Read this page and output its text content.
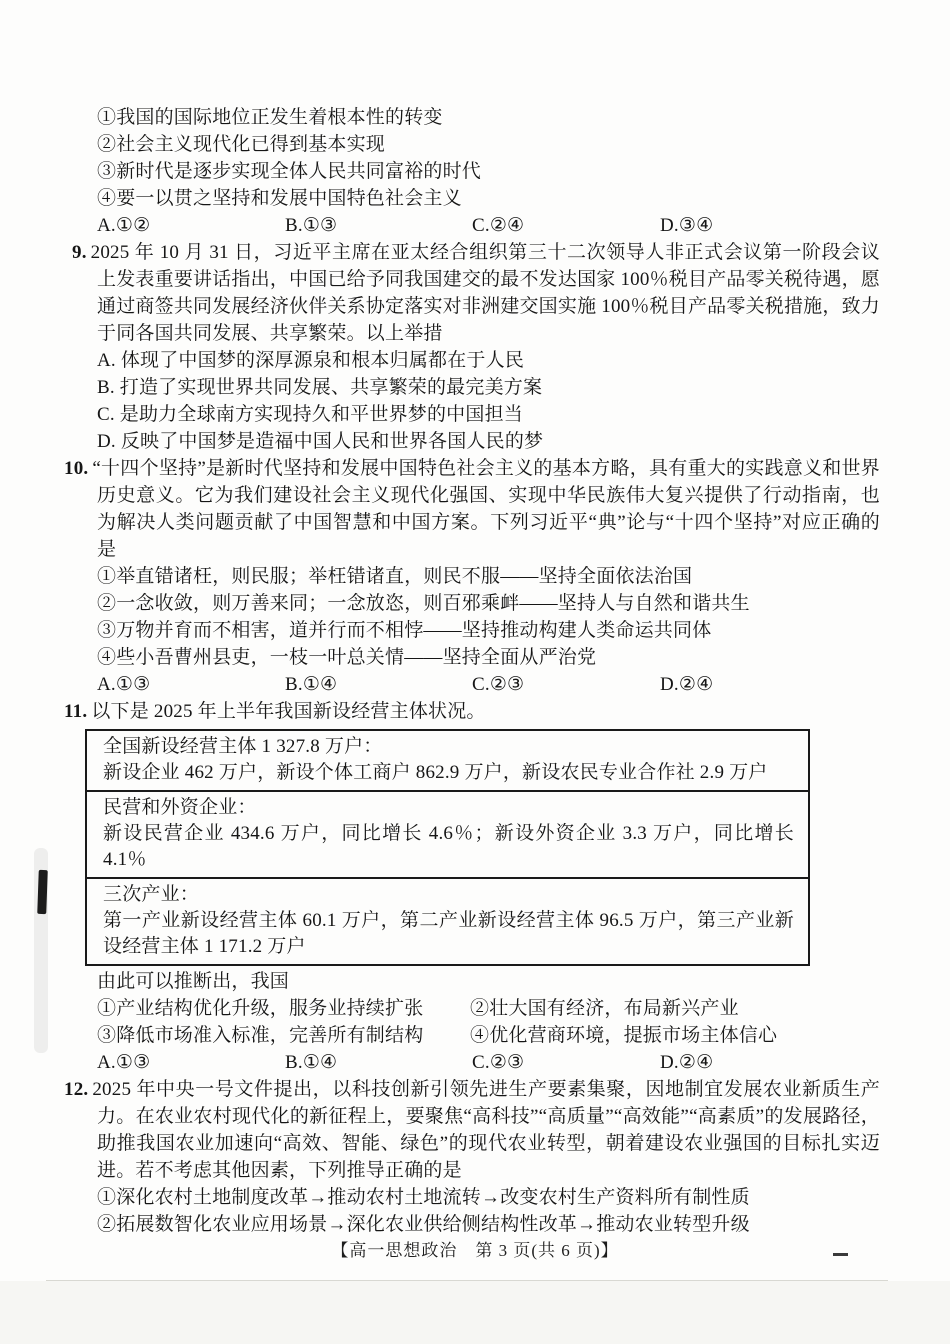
①我国的国际地位正发生着根本性的转变
②社会主义现代化已得到基本实现
③新时代是逐步实现全体人民共同富裕的时代
④要一以贯之坚持和发展中国特色社会主义
A.①②	B.①③	C.②④	D.③④
9. 2025 年 10 月 31 日，习近平主席在亚太经合组织第三十二次领导人非正式会议第一阶段会议上发表重要讲话指出，中国已给予同我国建交的最不发达国家 100％税目产品零关税待遇，愿通过商签共同发展经济伙伴关系协定落实对非洲建交国实施 100％税目产品零关税措施，致力于同各国共同发展、共享繁荣。以上举措
A. 体现了中国梦的深厚源泉和根本归属都在于人民
B. 打造了实现世界共同发展、共享繁荣的最完美方案
C. 是助力全球南方实现持久和平世界梦的中国担当
D. 反映了中国梦是造福中国人民和世界各国人民的梦
10. “十四个坚持”是新时代坚持和发展中国特色社会主义的基本方略，具有重大的实践意义和世界历史意义。它为我们建设社会主义现代化强国、实现中华民族伟大复兴提供了行动指南，也为解决人类问题贡献了中国智慧和中国方案。下列习近平“典”论与“十四个坚持”对应正确的是
①举直错诸枉，则民服；举枉错诸直，则民不服——坚持全面依法治国
②一念收敛，则万善来同；一念放恣，则百邪乘衅——坚持人与自然和谐共生
③万物并育而不相害，道并行而不相悖——坚持推动构建人类命运共同体
④些小吾曹州县吏，一枝一叶总关情——坚持全面从严治党
A.①③	B.①④	C.②③	D.②④
11. 以下是 2025 年上半年我国新设经营主体状况。
全国新设经营主体 1 327.8 万户：
新设企业 462 万户，新设个体工商户 862.9 万户，新设农民专业合作社 2.9 万户
民营和外资企业：
新设民营企业 434.6 万户，同比增长 4.6％；新设外资企业 3.3 万户，同比增长 4.1％
三次产业：
第一产业新设经营主体 60.1 万户，第二产业新设经营主体 96.5 万户，第三产业新设经营主体 1 171.2 万户
由此可以推断出，我国
①产业结构优化升级，服务业持续扩张	②壮大国有经济，布局新兴产业
③降低市场准入标准，完善所有制结构	④优化营商环境，提振市场主体信心
A.①③	B.①④	C.②③	D.②④
12. 2025 年中央一号文件提出，以科技创新引领先进生产要素集聚，因地制宜发展农业新质生产力。在农业农村现代化的新征程上，要聚焦“高科技”“高质量”“高效能”“高素质”的发展路径，助推我国农业加速向“高效、智能、绿色”的现代农业转型，朝着建设农业强国的目标扎实迈进。若不考虑其他因素，下列推导正确的是
①深化农村土地制度改革→推动农村土地流转→改变农村生产资料所有制性质
②拓展数智化农业应用场景→深化农业供给侧结构性改革→推动农业转型升级
【高一思想政治　第 3 页(共 6 页)】
